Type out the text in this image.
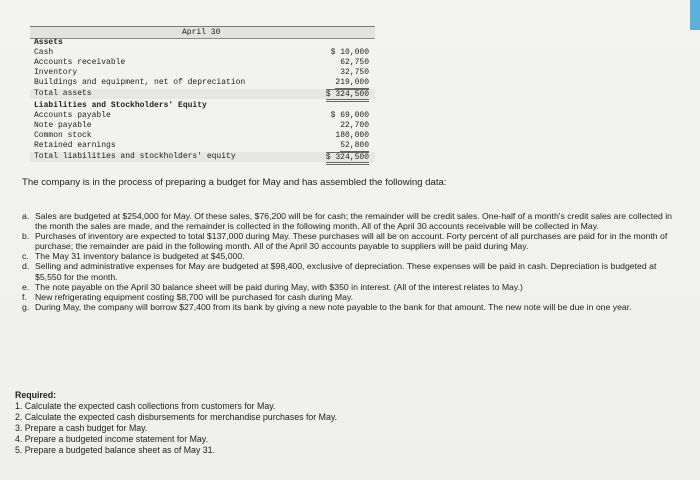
April 30
Assets
Cash	$ 10,000
Accounts receivable	62,750
Inventory	32,750
Buildings and equipment, net of depreciation	219,000
Total assets	$ 324,500
Liabilities and Stockholders' Equity
Accounts payable	$ 69,000
Note payable	22,700
Common stock	180,000
Retained earnings	52,800
Total liabilities and stockholders' equity	$ 324,500
The company is in the process of preparing a budget for May and has assembled the following data:
a. Sales are budgeted at $254,000 for May. Of these sales, $76,200 will be for cash; the remainder will be credit sales. One-half of a month's credit sales are collected in the month the sales are made, and the remainder is collected in the following month. All of the April 30 accounts receivable will be collected in May.
b. Purchases of inventory are expected to total $137,000 during May. These purchases will all be on account. Forty percent of all purchases are paid for in the month of purchase; the remainder are paid in the following month. All of the April 30 accounts payable to suppliers will be paid during May.
c. The May 31 inventory balance is budgeted at $45,000.
d. Selling and administrative expenses for May are budgeted at $98,400, exclusive of depreciation. These expenses will be paid in cash. Depreciation is budgeted at $5,550 for the month.
e. The note payable on the April 30 balance sheet will be paid during May, with $350 in interest. (All of the interest relates to May.)
f. New refrigerating equipment costing $8,700 will be purchased for cash during May.
g. During May, the company will borrow $27,400 from its bank by giving a new note payable to the bank for that amount. The new note will be due in one year.
Required:
1. Calculate the expected cash collections from customers for May.
2. Calculate the expected cash disbursements for merchandise purchases for May.
3. Prepare a cash budget for May.
4. Prepare a budgeted income statement for May.
5. Prepare a budgeted balance sheet as of May 31.
